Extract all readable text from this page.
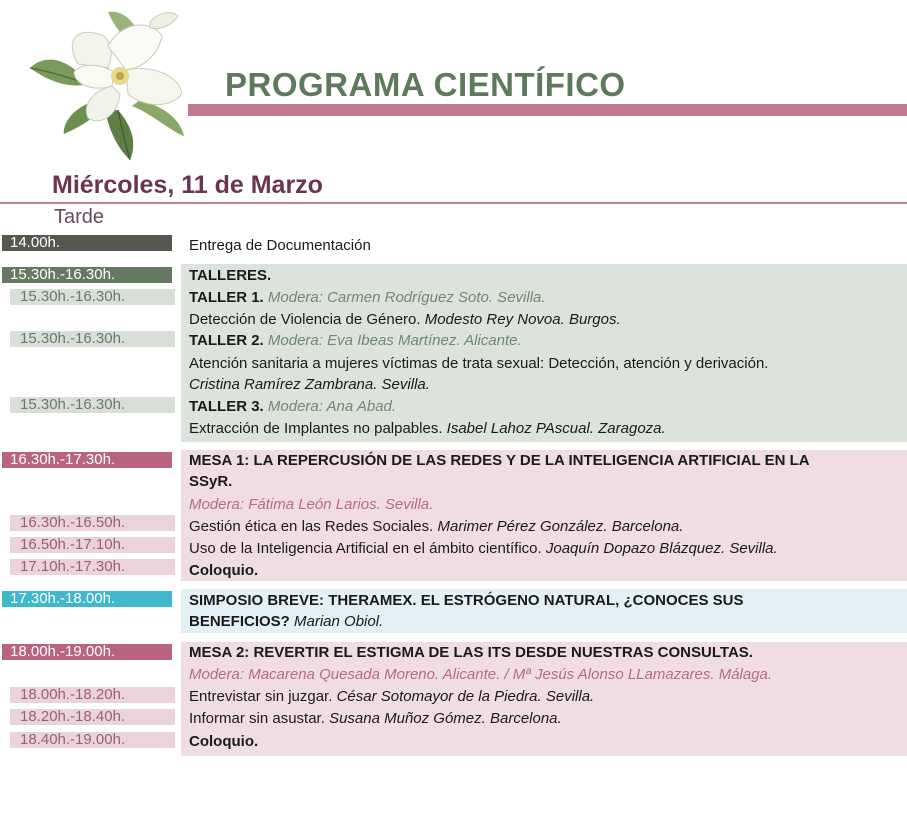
PROGRAMA CIENTÍFICO
Miércoles, 11 de Marzo
Tarde
14.00h.	Entrega de Documentación
15.30h.-16.30h.	TALLERES.
15.30h.-16.30h.	TALLER 1. Modera: Carmen Rodríguez Soto. Sevilla.
Detección de Violencia de Género. Modesto Rey Novoa. Burgos.
15.30h.-16.30h.	TALLER 2. Modera: Eva Ibeas Martínez. Alicante.
Atención sanitaria a mujeres víctimas de trata sexual: Detección, atención y derivación.
Cristina Ramírez Zambrana. Sevilla.
15.30h.-16.30h.	TALLER 3. Modera: Ana Abad.
Extracción de Implantes no palpables. Isabel Lahoz PAscual. Zaragoza.
16.30h.-17.30h.	MESA 1: LA REPERCUSIÓN DE LAS REDES Y DE LA INTELIGENCIA ARTIFICIAL EN LA
SSyR.
Modera: Fátima León Larios. Sevilla.
16.30h.-16.50h.	Gestión ética en las Redes Sociales. Marimer Pérez González. Barcelona.
16.50h.-17.10h.	Uso de la Inteligencia Artificial en el ámbito científico. Joaquín Dopazo Blázquez. Sevilla.
17.10h.-17.30h.	Coloquio.
17.30h.-18.00h.	SIMPOSIO BREVE: THERAMEX. EL ESTRÓGENO NATURAL, ¿CONOCES SUS
BENEFICIOS? Marian Obiol.
18.00h.-19.00h.	MESA 2: REVERTIR EL ESTIGMA DE LAS ITS DESDE NUESTRAS CONSULTAS.
Modera: Macarena Quesada Moreno. Alicante. / Mª Jesús Alonso LLamazares. Málaga.
18.00h.-18.20h.	Entrevistar sin juzgar. César Sotomayor de la Piedra. Sevilla.
18.20h.-18.40h.	Informar sin asustar. Susana Muñoz Gómez. Barcelona.
18.40h.-19.00h.	Coloquio.
